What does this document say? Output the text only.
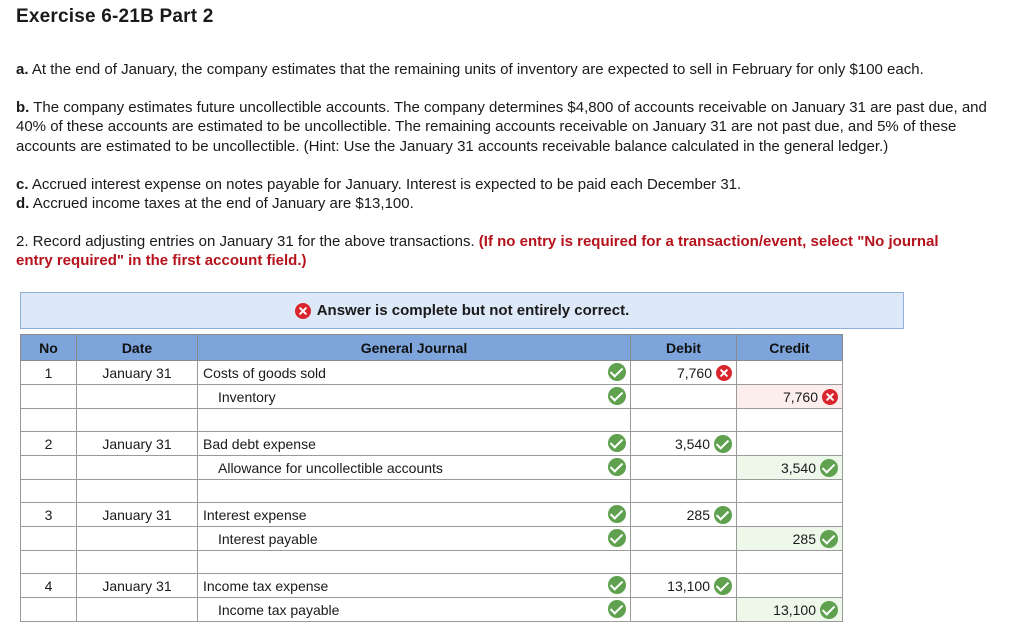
Exercise 6-21B Part 2
a. At the end of January, the company estimates that the remaining units of inventory are expected to sell in February for only $100 each.
b. The company estimates future uncollectible accounts. The company determines $4,800 of accounts receivable on January 31 are past due, and 40% of these accounts are estimated to be uncollectible. The remaining accounts receivable on January 31 are not past due, and 5% of these accounts are estimated to be uncollectible. (Hint: Use the January 31 accounts receivable balance calculated in the general ledger.)
c. Accrued interest expense on notes payable for January. Interest is expected to be paid each December 31.
d. Accrued income taxes at the end of January are $13,100.
2. Record adjusting entries on January 31 for the above transactions. (If no entry is required for a transaction/event, select "No journal entry required" in the first account field.)
Answer is complete but not entirely correct.
No	Date	General Journal	Debit	Credit
1	January 31	Costs of goods sold	7,760	
		Inventory		7,760

2	January 31	Bad debt expense	3,540	
		Allowance for uncollectible accounts		3,540

3	January 31	Interest expense	285	
		Interest payable		285

4	January 31	Income tax expense	13,100	
		Income tax payable		13,100
